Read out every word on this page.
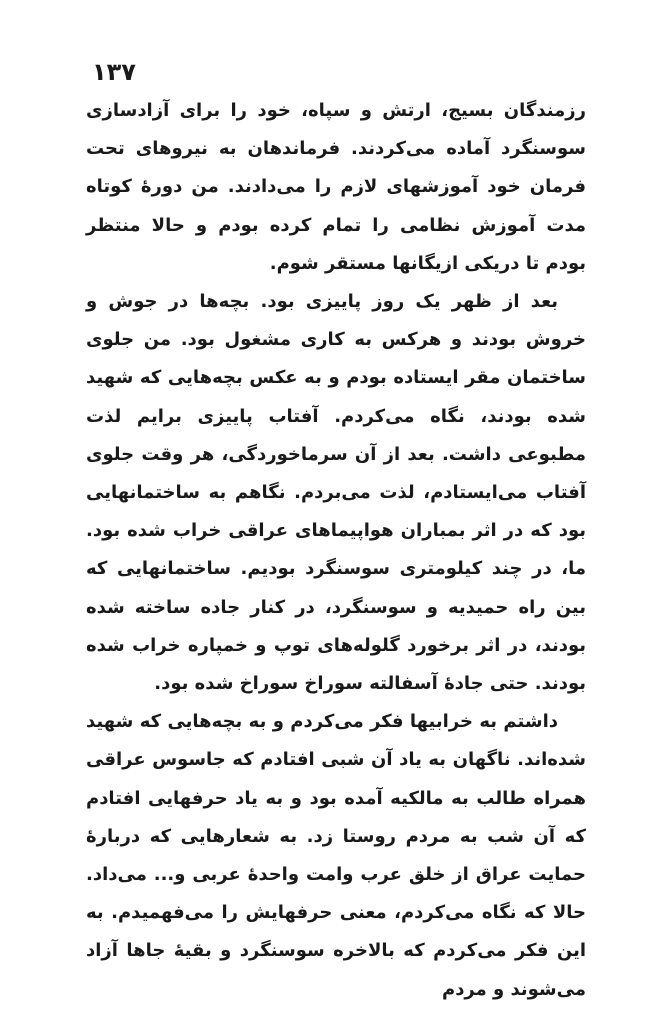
۱۳۷

رزمندگان بسیج، ارتش و سپاه، خود را برای آزادسازی سوسنگرد آماده می‌کردند. فرماندهان به نیروهای تحت فرمان خود آموزشهای لازم را می‌دادند. من دورهٔ کوتاه مدت آموزش نظامی را تمام کرده بودم و حالا منتظر بودم تا دریکی ازیگانها مستقر شوم.

بعد از ظهر یک روز پاییزی بود. بچه‌ها در جوش و خروش بودند و هرکس به کاری مشغول بود. من جلوی ساختمان مقر ایستاده بودم و به عکس بچه‌هایی که شهید شده بودند، نگاه می‌کردم. آفتاب پاییزی برایم لذت مطبوعی داشت. بعد از آن سرماخوردگی، هر وقت جلوی آفتاب می‌ایستادم، لذت می‌بردم. نگاهم به ساختمانهایی بود که در اثر بمباران هواپیماهای عراقی خراب شده بود. ما، در چند کیلومتری سوسنگرد بودیم. ساختمانهایی که بین راه حمیدیه و سوسنگرد، در کنار جاده ساخته شده بودند، در اثر برخورد گلوله‌های توپ و خمپاره خراب شده بودند. حتی جادهٔ آسفالته سوراخ سوراخ شده بود.

داشتم به خرابیها فکر می‌کردم و به بچه‌هایی که شهید شده‌اند. ناگهان به یاد آن شبی افتادم که جاسوس عراقی همراه طالب به مالکیه آمده بود و به یاد حرفهایی افتادم که آن شب به مردم روستا زد. به شعارهایی که دربارهٔ حمایت عراق از خلق عرب وامت واحدهٔ عربی و... می‌داد. حالا که نگاه می‌کردم، معنی حرفهایش را می‌فهمیدم. به این فکر می‌کردم که بالاخره سوسنگرد و بقیهٔ جاها آزاد می‌شوند و مردم
